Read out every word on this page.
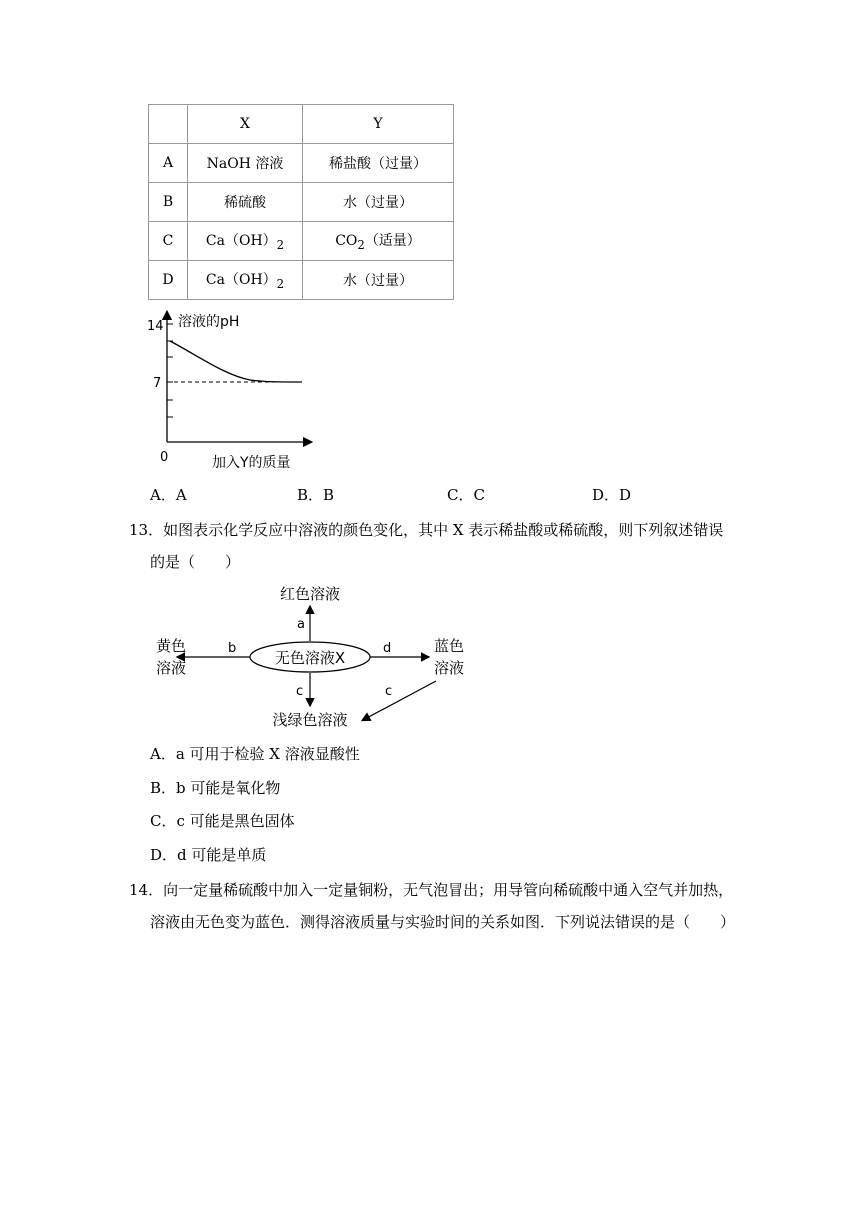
	X	Y
A	NaOH 溶液	稀盐酸（过量）
B	稀硫酸	水（过量）
C	$Ca(OH)_2$	$CO_2$（适量）
D	$Ca(OH)_2$	水（过量）
14
7
0
溶液的pH
加入Y的质量
A．A	B．B	C．C	D．D
13．如图表示化学反应中溶液的颜色变化，其中 X 表示稀盐酸或稀硫酸，则下列叙述错误
的是（　　）
无色溶液X
红色溶液
a
黄色
溶液
b	蓝色
溶液
d
浅绿色溶液
c	c
A．a 可用于检验 X 溶液显酸性
B．b 可能是氧化物
C．c 可能是黑色固体
D．d 可能是单质
14．向一定量稀硫酸中加入一定量铜粉，无气泡冒出；用导管向稀硫酸中通入空气并加热，
溶液由无色变为蓝色．测得溶液质量与实验时间的关系如图．下列说法错误的是（　　）
